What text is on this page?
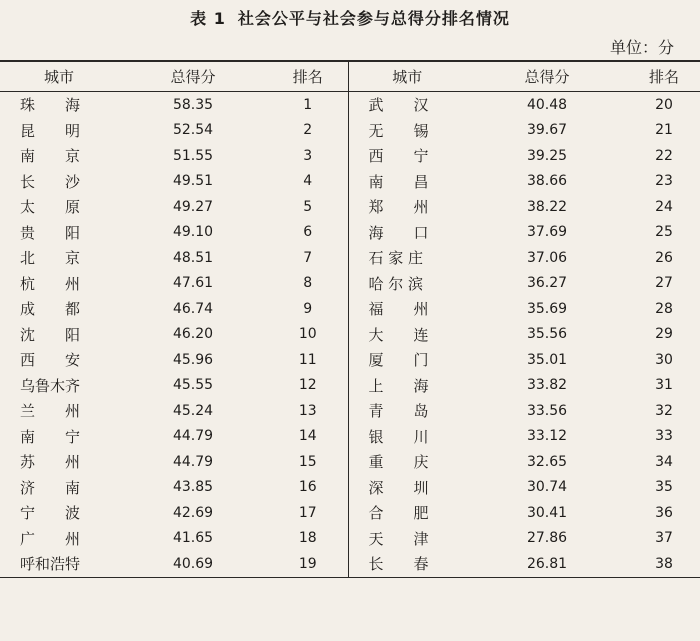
表 1 社会公平与社会参与总得分排名情况
单位：分
城市	总得分	排名	城市	总得分	排名
珠　　海	58.35	1	武　　汉	40.48	20
昆　　明	52.54	2	无　　锡	39.67	21
南　　京	51.55	3	西　　宁	39.25	22
长　　沙	49.51	4	南　　昌	38.66	23
太　　原	49.27	5	郑　　州	38.22	24
贵　　阳	49.10	6	海　　口	37.69	25
北　　京	48.51	7	石 家 庄	37.06	26
杭　　州	47.61	8	哈 尔 滨	36.27	27
成　　都	46.74	9	福　　州	35.69	28
沈　　阳	46.20	10	大　　连	35.56	29
西　　安	45.96	11	厦　　门	35.01	30
乌鲁木齐	45.55	12	上　　海	33.82	31
兰　　州	45.24	13	青　　岛	33.56	32
南　　宁	44.79	14	银　　川	33.12	33
苏　　州	44.79	15	重　　庆	32.65	34
济　　南	43.85	16	深　　圳	30.74	35
宁　　波	42.69	17	合　　肥	30.41	36
广　　州	41.65	18	天　　津	27.86	37
呼和浩特	40.69	19	长　　春	26.81	38
